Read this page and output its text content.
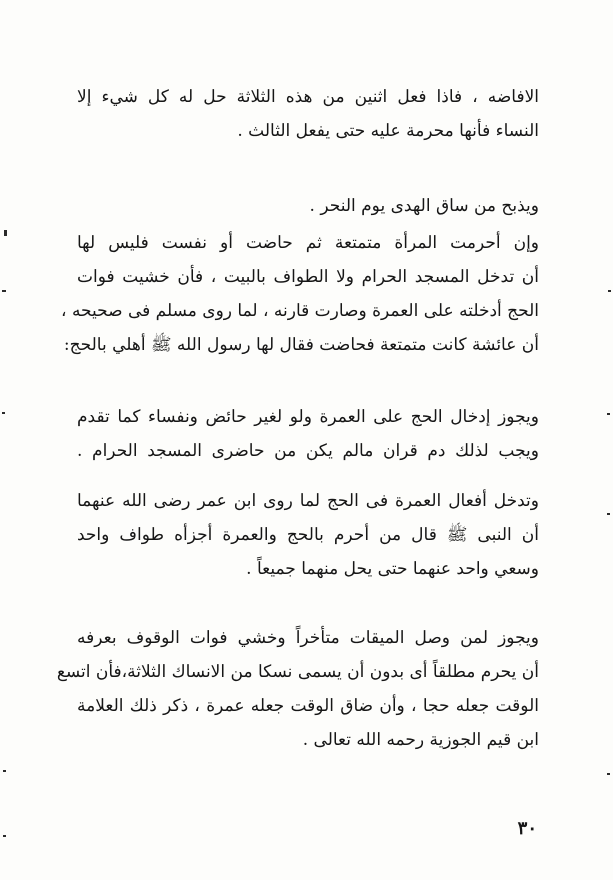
الافاضه ، فاذا فعل اثنين من هذه الثلاثة حل له كل شيء إلا
النساء فأنها محرمة عليه حتى يفعل الثالث .
ويذبح من ساق الهدى يوم النحر .
وإن أحرمت المرأة متمتعة ثم حاضت أو نفست فليس لها
أن تدخل المسجد الحرام ولا الطواف بالبيت ، فأن خشيت فوات
الحج أدخلته على العمرة وصارت قارنه ، لما روى مسلم فى صحيحه ،
أن عائشة كانت متمتعة فحاضت فقال لها رسول الله ﷺ أهلي بالحج:
ويجوز إدخال الحج على العمرة ولو لغير حائض ونفساء كما تقدم
ويجب لذلك دم قران مالم يكن من حاضرى المسجد الحرام .
وتدخل أفعال العمرة فى الحج لما روى ابن عمر رضى الله عنهما
أن النبى ﷺ قال من أحرم بالحج والعمرة أجزأه طواف واحد
وسعي واحد عنهما حتى يحل منهما جميعاً .
ويجوز لمن وصل الميقات متأخراً وخشي فوات الوقوف بعرفه
أن يحرم مطلقاً أى بدون أن يسمى نسكا من الانساك الثلاثة،فأن اتسع
الوقت جعله حجا ، وأن ضاق الوقت جعله عمرة ، ذكر ذلك العلامة
ابن قيم الجوزية رحمه الله تعالى .
٣٠
